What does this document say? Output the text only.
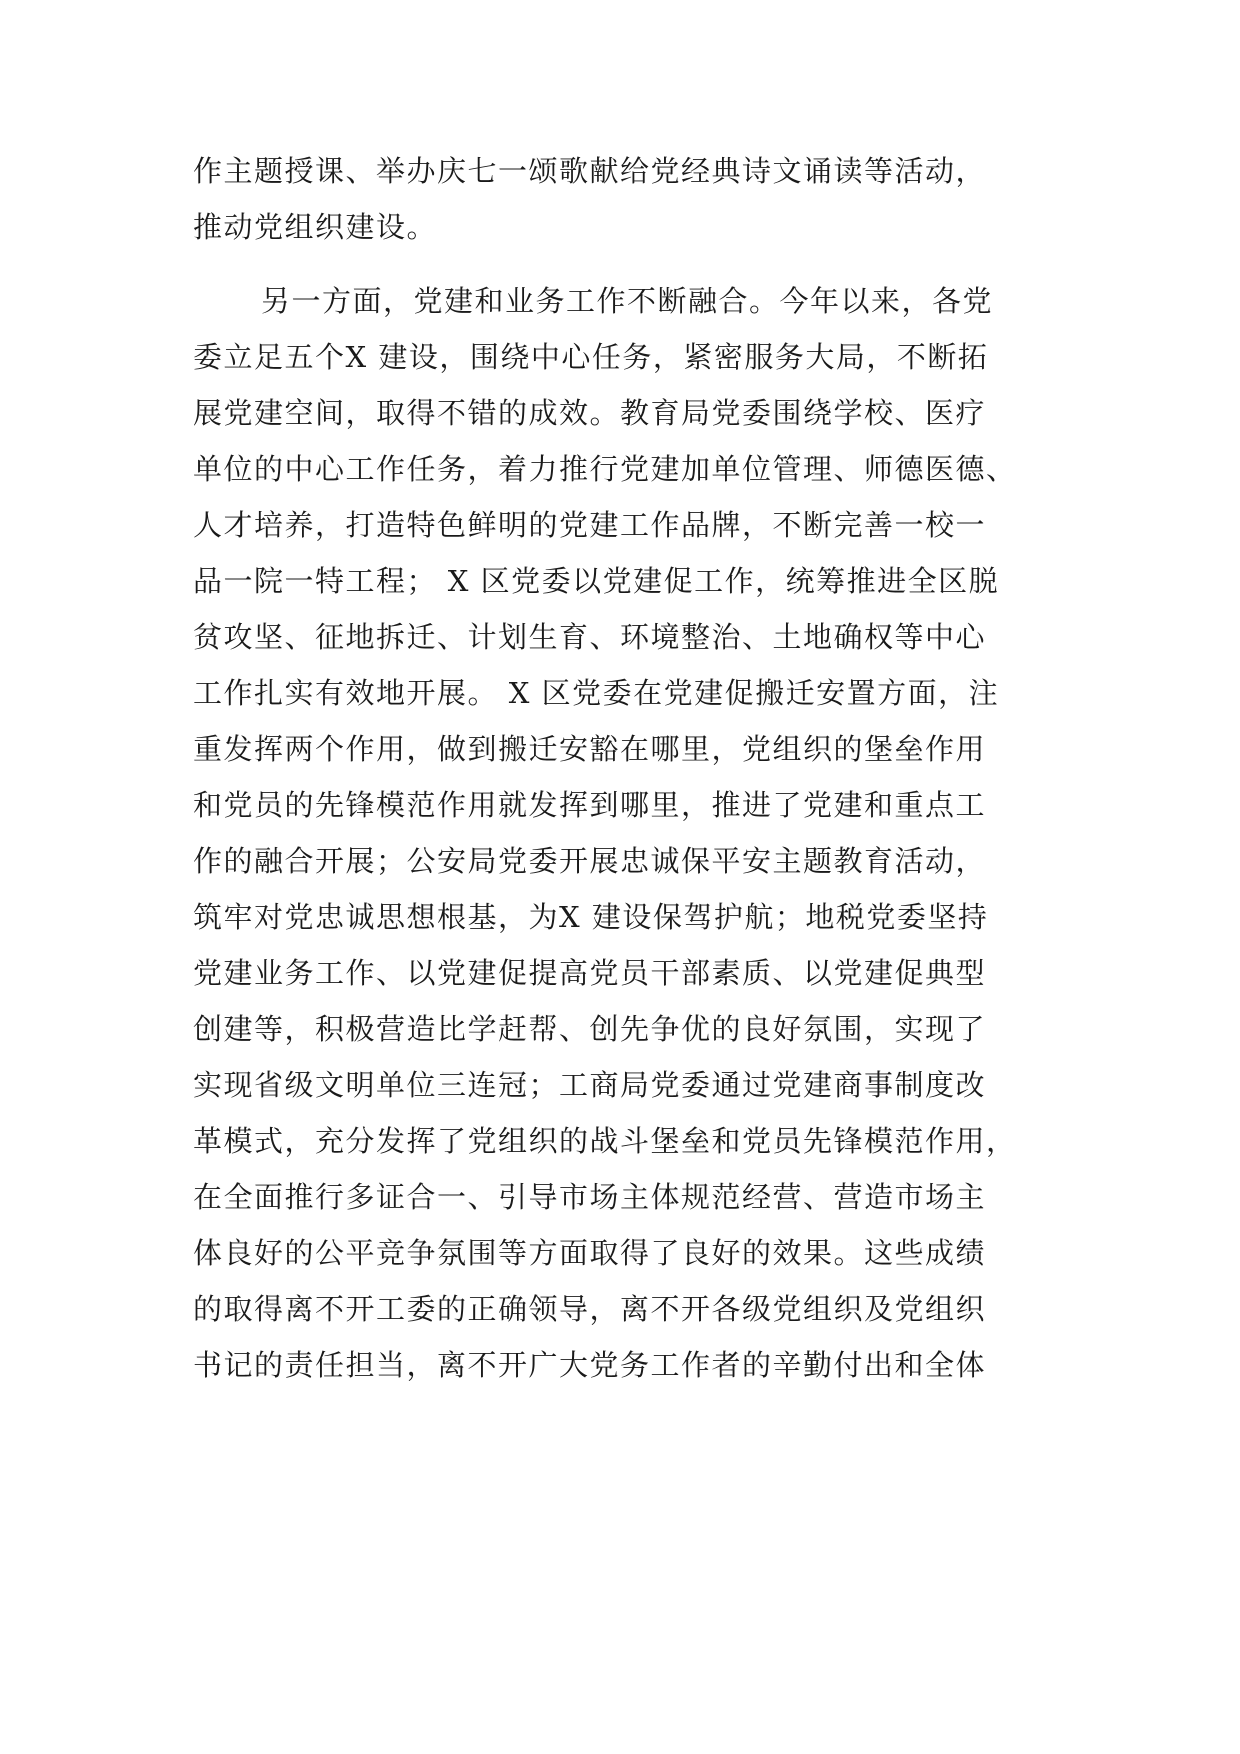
作主题授课、举办庆七一颂歌献给党经典诗文诵读等活动，
推动党组织建设。
另一方面，党建和业务工作不断融合。今年以来，各党
委立足五个X 建设，围绕中心任务，紧密服务大局，不断拓
展党建空间，取得不错的成效。教育局党委围绕学校、医疗
单位的中心工作任务，着力推行党建加单位管理、师德医德、
人才培养，打造特色鲜明的党建工作品牌，不断完善一校一
品一院一特工程； X 区党委以党建促工作，统筹推进全区脱
贫攻坚、征地拆迁、计划生育、环境整治、土地确权等中心
工作扎实有效地开展。 X 区党委在党建促搬迁安置方面，注
重发挥两个作用，做到搬迁安豁在哪里，党组织的堡垒作用
和党员的先锋模范作用就发挥到哪里，推进了党建和重点工
作的融合开展；公安局党委开展忠诚保平安主题教育活动，
筑牢对党忠诚思想根基，为X 建设保驾护航；地税党委坚持
党建业务工作、以党建促提高党员干部素质、以党建促典型
创建等，积极营造比学赶帮、创先争优的良好氛围，实现了
实现省级文明单位三连冠；工商局党委通过党建商事制度改
革模式，充分发挥了党组织的战斗堡垒和党员先锋模范作用，
在全面推行多证合一、引导市场主体规范经营、营造市场主
体良好的公平竞争氛围等方面取得了良好的效果。这些成绩
的取得离不开工委的正确领导，离不开各级党组织及党组织
书记的责任担当，离不开广大党务工作者的辛勤付出和全体
